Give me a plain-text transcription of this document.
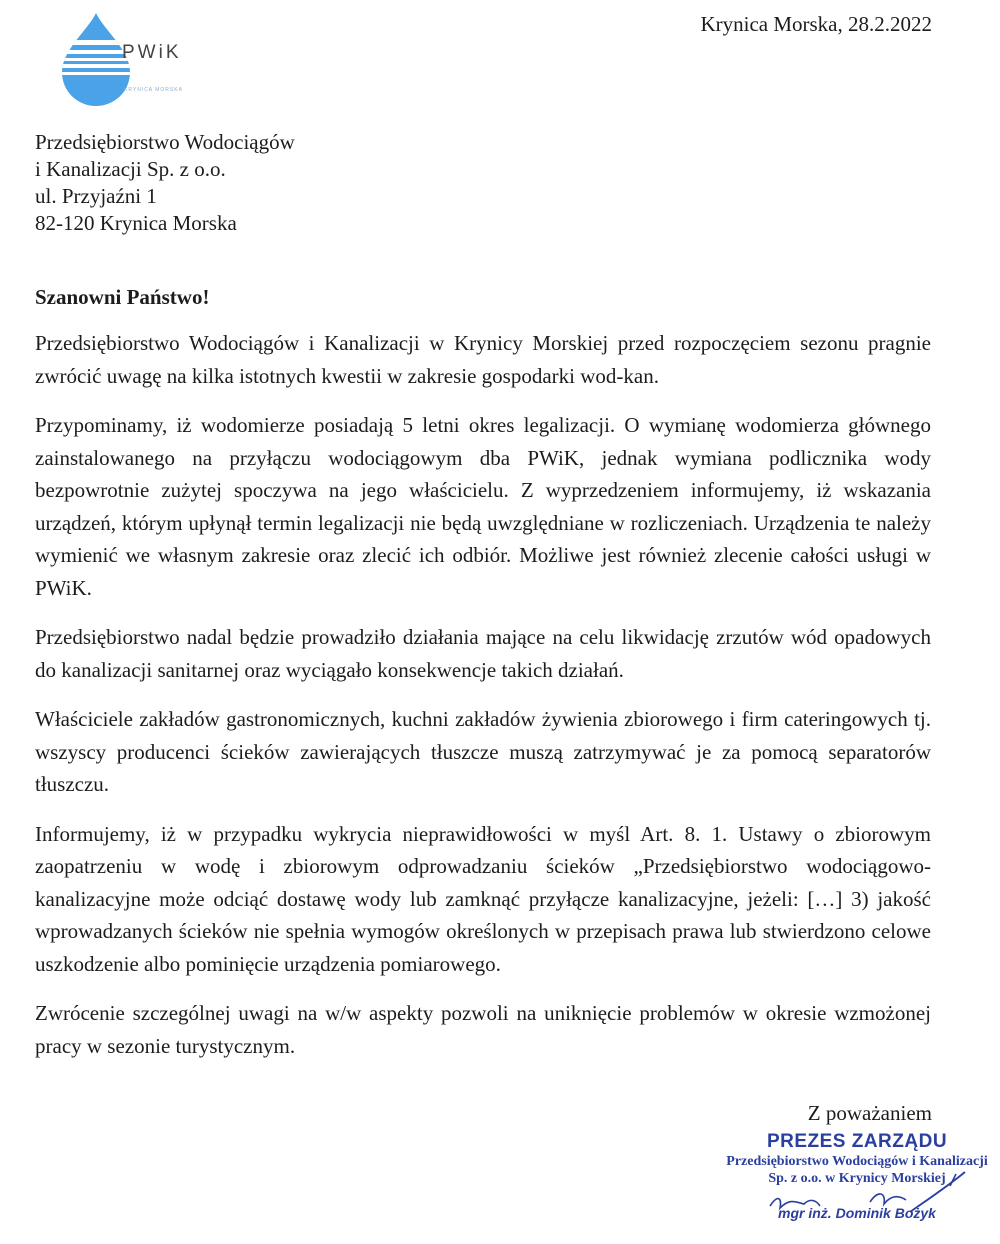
PWiK
KRYNICA MORSKA
Krynica Morska, 28.2.2022
Przedsiębiorstwo Wodociągów
i Kanalizacji Sp. z o.o.
ul. Przyjaźni 1
82-120 Krynica Morska
Szanowni Państwo!

Przedsiębiorstwo Wodociągów i Kanalizacji w Krynicy Morskiej przed rozpoczęciem sezonu pragnie zwrócić uwagę na kilka istotnych kwestii w zakresie gospodarki wod-kan.

Przypominamy, iż wodomierze posiadają 5 letni okres legalizacji. O wymianę wodomierza głównego zainstalowanego na przyłączu wodociągowym dba PWiK, jednak wymiana podlicznika wody bezpowrotnie zużytej spoczywa na jego właścicielu. Z wyprzedzeniem informujemy, iż wskazania urządzeń, którym upłynął termin legalizacji nie będą uwzględniane w rozliczeniach. Urządzenia te należy wymienić we własnym zakresie oraz zlecić ich odbiór. Możliwe jest również zlecenie całości usługi w PWiK.

Przedsiębiorstwo nadal będzie prowadziło działania mające na celu likwidację zrzutów wód opadowych do kanalizacji sanitarnej oraz wyciągało konsekwencje takich działań.

Właściciele zakładów gastronomicznych, kuchni zakładów żywienia zbiorowego i firm cateringowych tj. wszyscy producenci ścieków zawierających tłuszcze muszą zatrzymywać je za pomocą separatorów tłuszczu.

Informujemy, iż w przypadku wykrycia nieprawidłowości w myśl Art. 8. 1. Ustawy o zbiorowym zaopatrzeniu w wodę i zbiorowym odprowadzaniu ścieków „Przedsiębiorstwo wodociągowo-kanalizacyjne może odciąć dostawę wody lub zamknąć przyłącze kanalizacyjne, jeżeli: […] 3) jakość wprowadzanych ścieków nie spełnia wymogów określonych w przepisach prawa lub stwierdzono celowe uszkodzenie albo pominięcie urządzenia pomiarowego.

Zwrócenie szczególnej uwagi na w/w aspekty pozwoli na uniknięcie problemów w okresie wzmożonej pracy w sezonie turystycznym.

Z poważaniem
PREZES ZARZĄDU
Przedsiębiorstwo Wodociągów i Kanalizacji
Sp. z o.o. w Krynicy Morskiej
mgr inż. Dominik Bożyk
